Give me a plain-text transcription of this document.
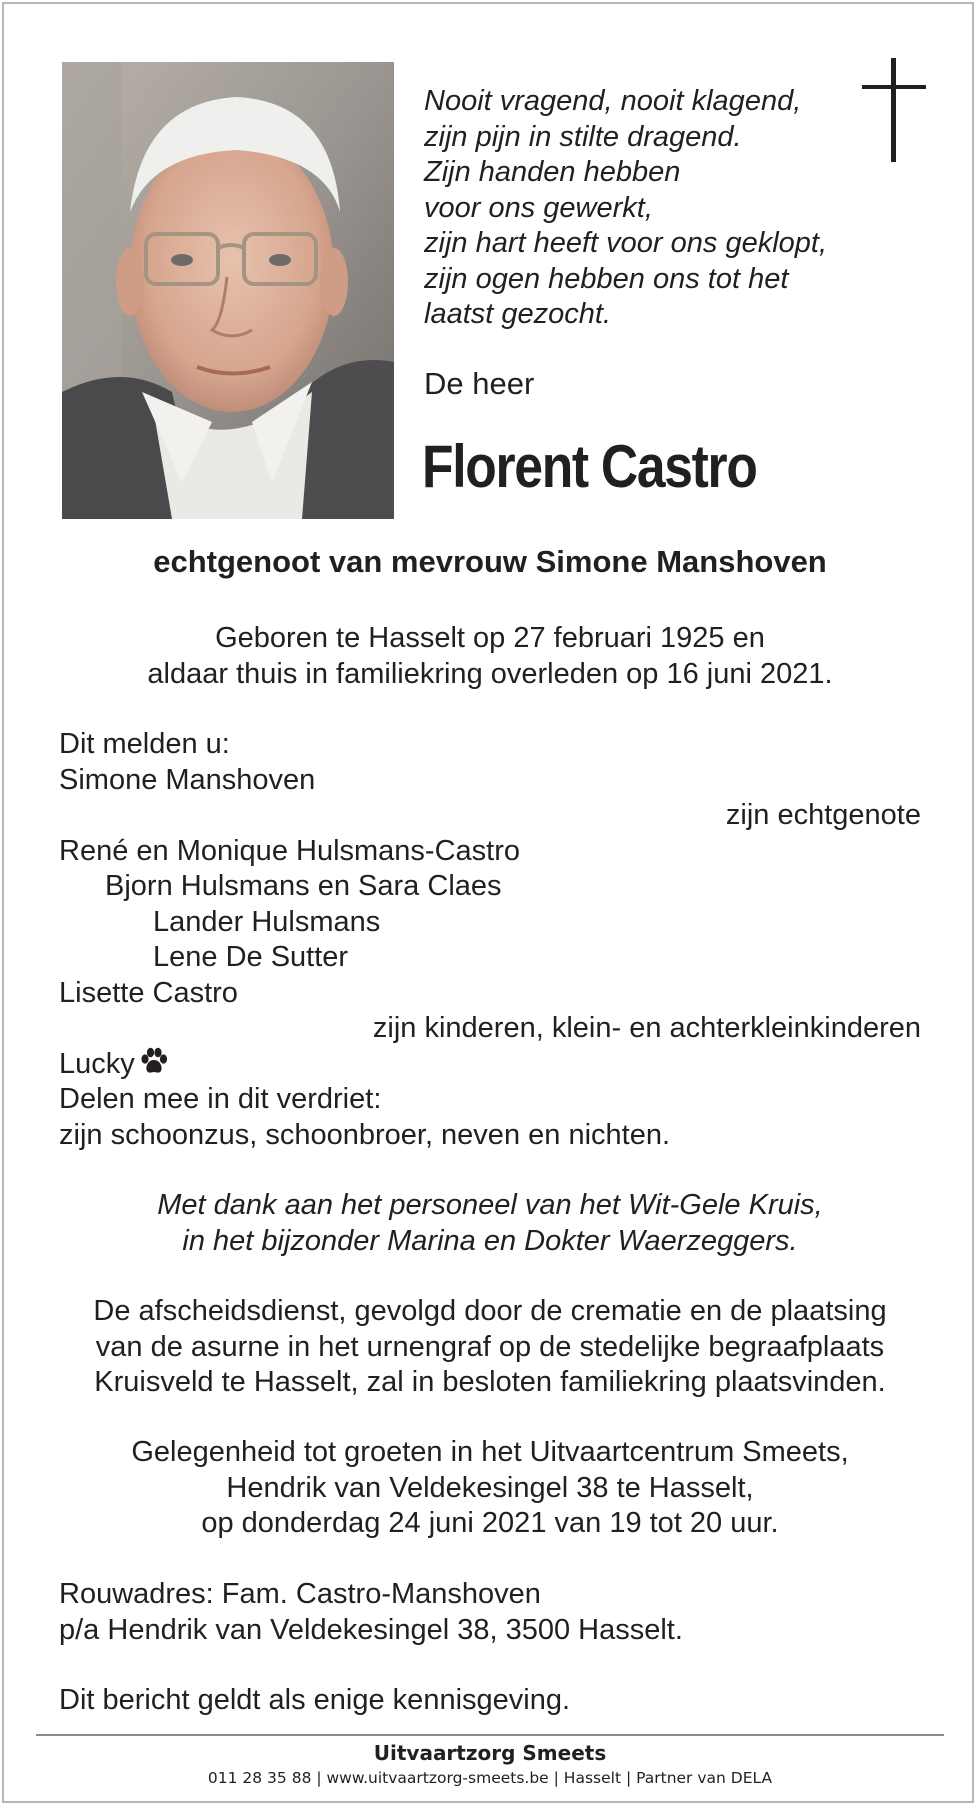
Nooit vragend, nooit klagend,
zijn pijn in stilte dragend.
Zijn handen hebben
voor ons gewerkt,
zijn hart heeft voor ons geklopt,
zijn ogen hebben ons tot het
laatst gezocht.
De heer
Florent Castro
echtgenoot van mevrouw Simone Manshoven
Geboren te Hasselt op 27 februari 1925 en
aldaar thuis in familiekring overleden op 16 juni 2021.
Dit melden u:
Simone Manshoven
zijn echtgenote
René en Monique Hulsmans-Castro
Bjorn Hulsmans en Sara Claes
Lander Hulsmans
Lene De Sutter
Lisette Castro
zijn kinderen, klein- en achterkleinkinderen
Lucky
Delen mee in dit verdriet:
zijn schoonzus, schoonbroer, neven en nichten.
Met dank aan het personeel van het Wit-Gele Kruis,
in het bijzonder Marina en Dokter Waerzeggers.
De afscheidsdienst, gevolgd door de crematie en de plaatsing
van de asurne in het urnengraf op de stedelijke begraafplaats
Kruisveld te Hasselt, zal in besloten familiekring plaatsvinden.
Gelegenheid tot groeten in het Uitvaartcentrum Smeets,
Hendrik van Veldekesingel 38 te Hasselt,
op donderdag 24 juni 2021 van 19 tot 20 uur.
Rouwadres: Fam. Castro-Manshoven
p/a Hendrik van Veldekesingel 38, 3500 Hasselt.
Dit bericht geldt als enige kennisgeving.
Uitvaartzorg Smeets
011 28 35 88 | www.uitvaartzorg-smeets.be | Hasselt | Partner van DELA
